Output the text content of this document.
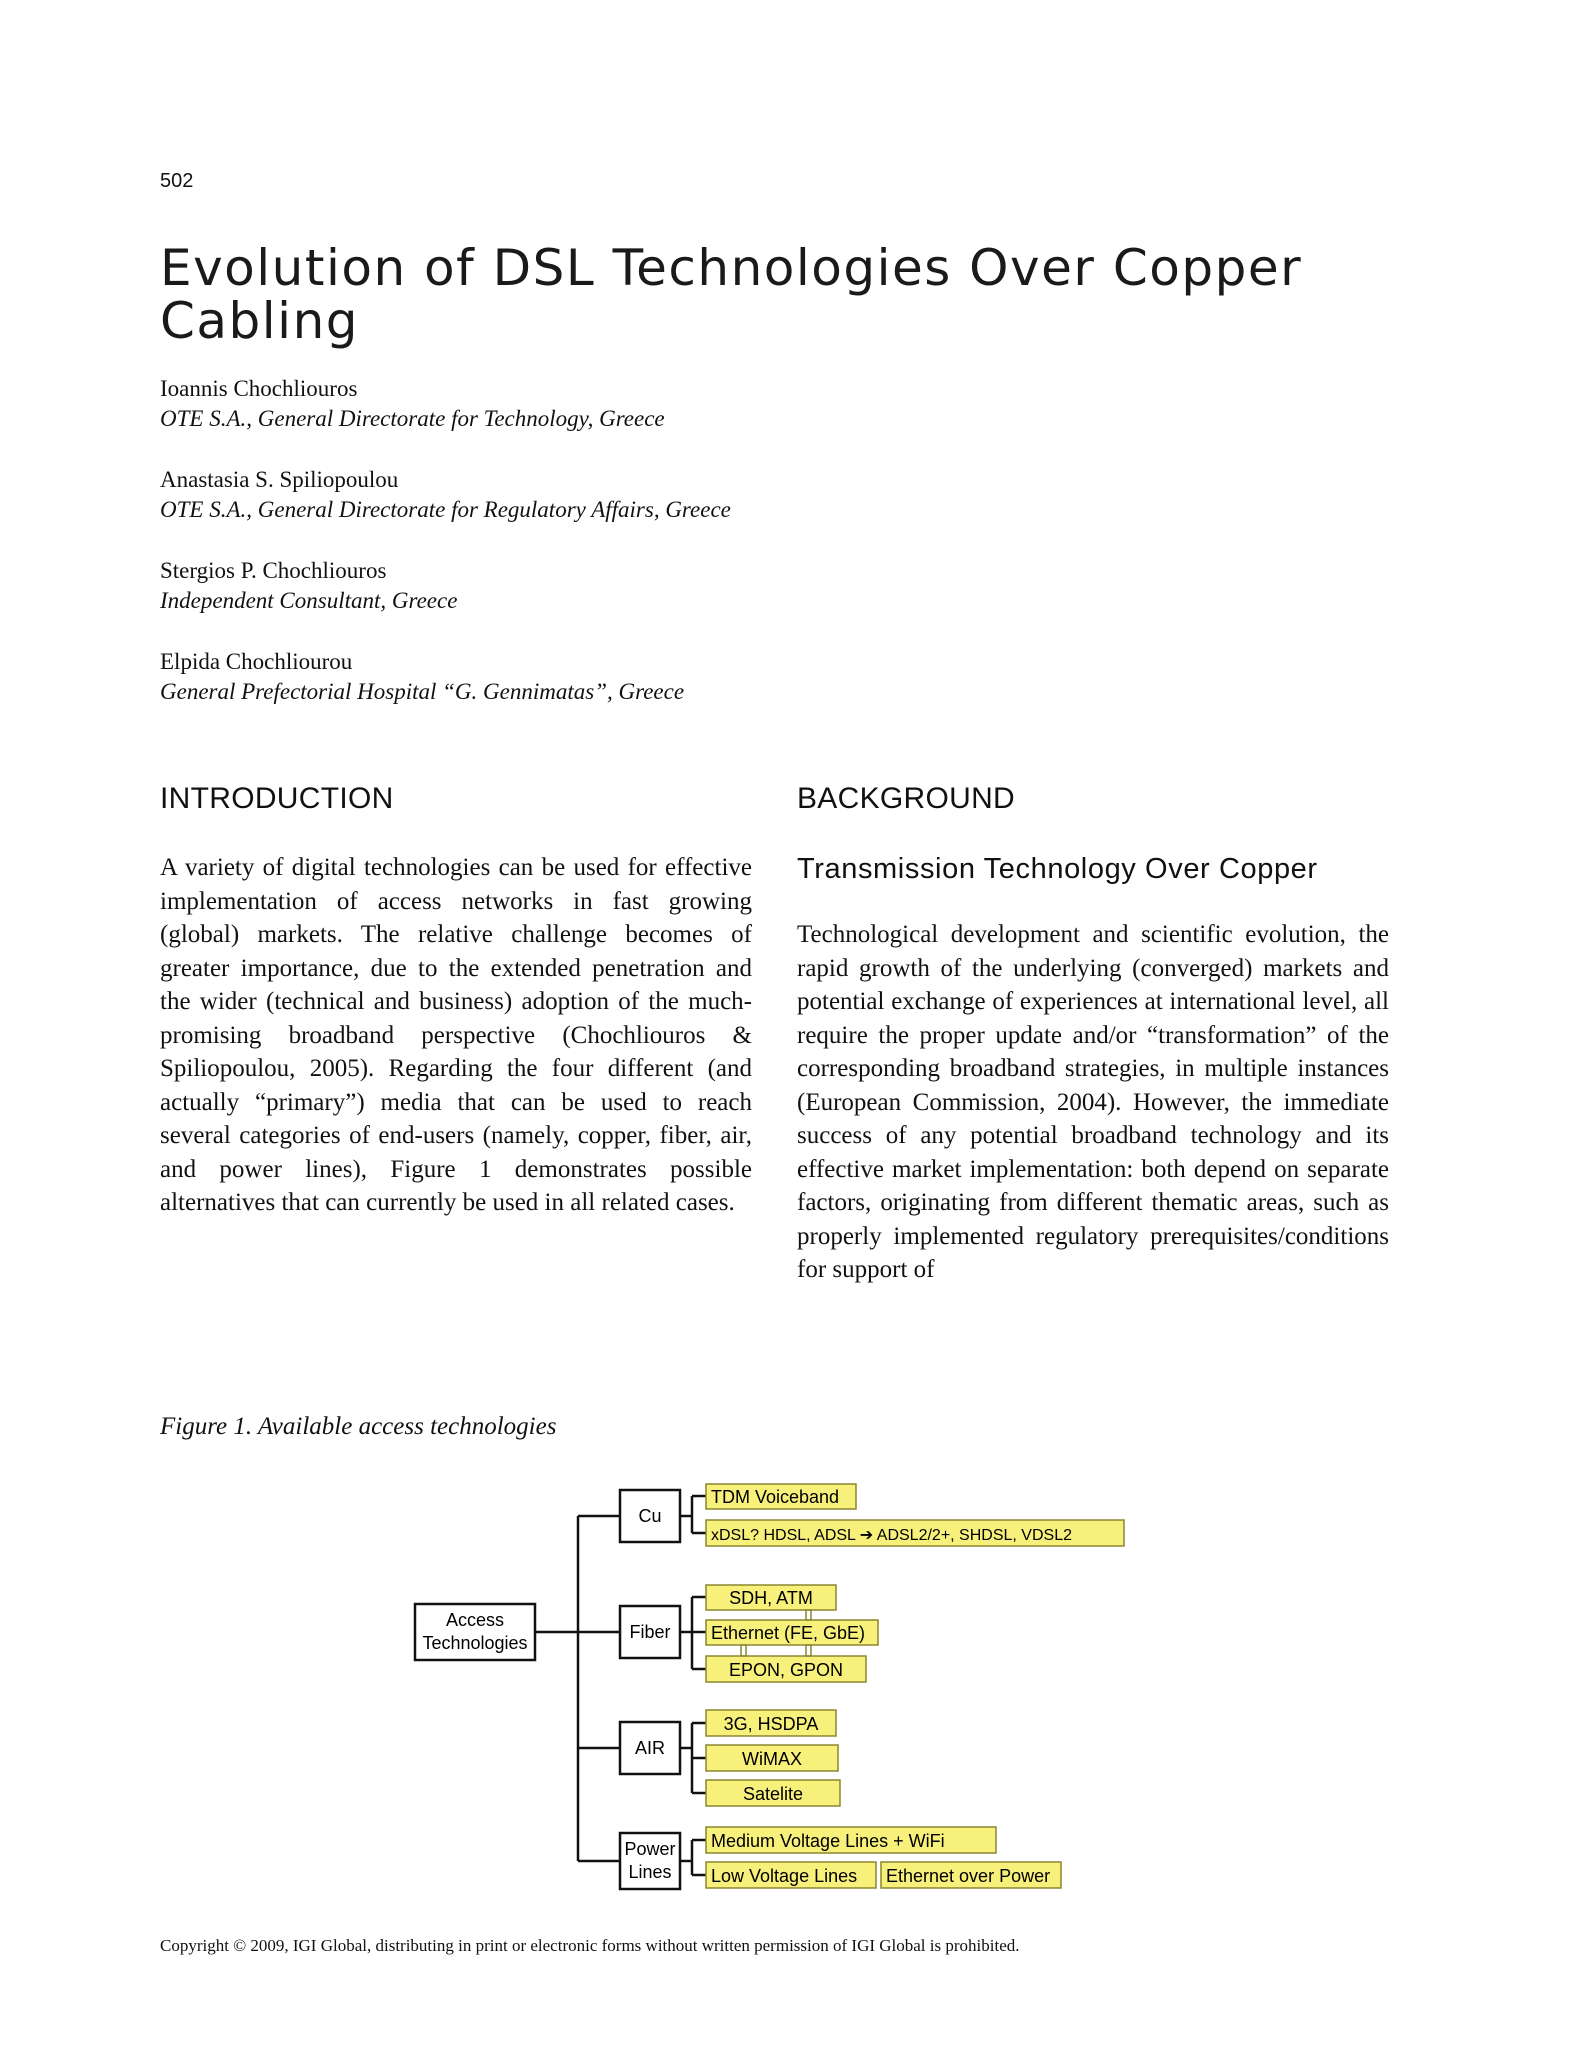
502
Evolution of DSL Technologies Over Copper
Cabling
Ioannis Chochliouros
OTE S.A., General Directorate for Technology, Greece
Anastasia S. Spiliopoulou
OTE S.A., General Directorate for Regulatory Affairs, Greece
Stergios P. Chochliouros
Independent Consultant, Greece
Elpida Chochliourou
General Prefectorial Hospital “G. Gennimatas”, Greece
INTRODUCTION
A variety of digital technologies can be used for effective implementation of access networks in fast growing (global) markets. The relative challenge becomes of greater importance, due to the extended penetration and the wider (technical and business) adoption of the much-promising broadband perspective (Chochliouros & Spiliopoulou, 2005). Regarding the four different (and actually “primary”) media that can be used to reach several categories of end-users (namely, copper, fiber, air, and power lines), Figure 1 demonstrates possible alternatives that can currently be used in all related cases.
BACKGROUND
Transmission Technology Over Copper
Technological development and scientific evolution, the rapid growth of the underlying (converged) markets and potential exchange of experiences at international level, all require the proper update and/or “transformation” of the corresponding broadband strategies, in multiple instances (European Commission, 2004). However, the immediate success of any potential broadband technology and its effective market implementation: both depend on separate factors, originating from different thematic areas, such as properly implemented regulatory prerequisites/conditions for support of
Figure 1. Available access technologies
Access
Technologies
Cu
Fiber
AIR
Power
Lines
TDM Voiceband
xDSL? HDSL, ADSL ➔ ADSL2/2+, SHDSL, VDSL2
SDH, ATM
Ethernet (FE, GbE)
EPON, GPON
3G, HSDPA
WiMAX
Satelite
Medium Voltage Lines + WiFi
Low Voltage Lines Ethernet over Power
Copyright © 2009, IGI Global, distributing in print or electronic forms without written permission of IGI Global is prohibited.
